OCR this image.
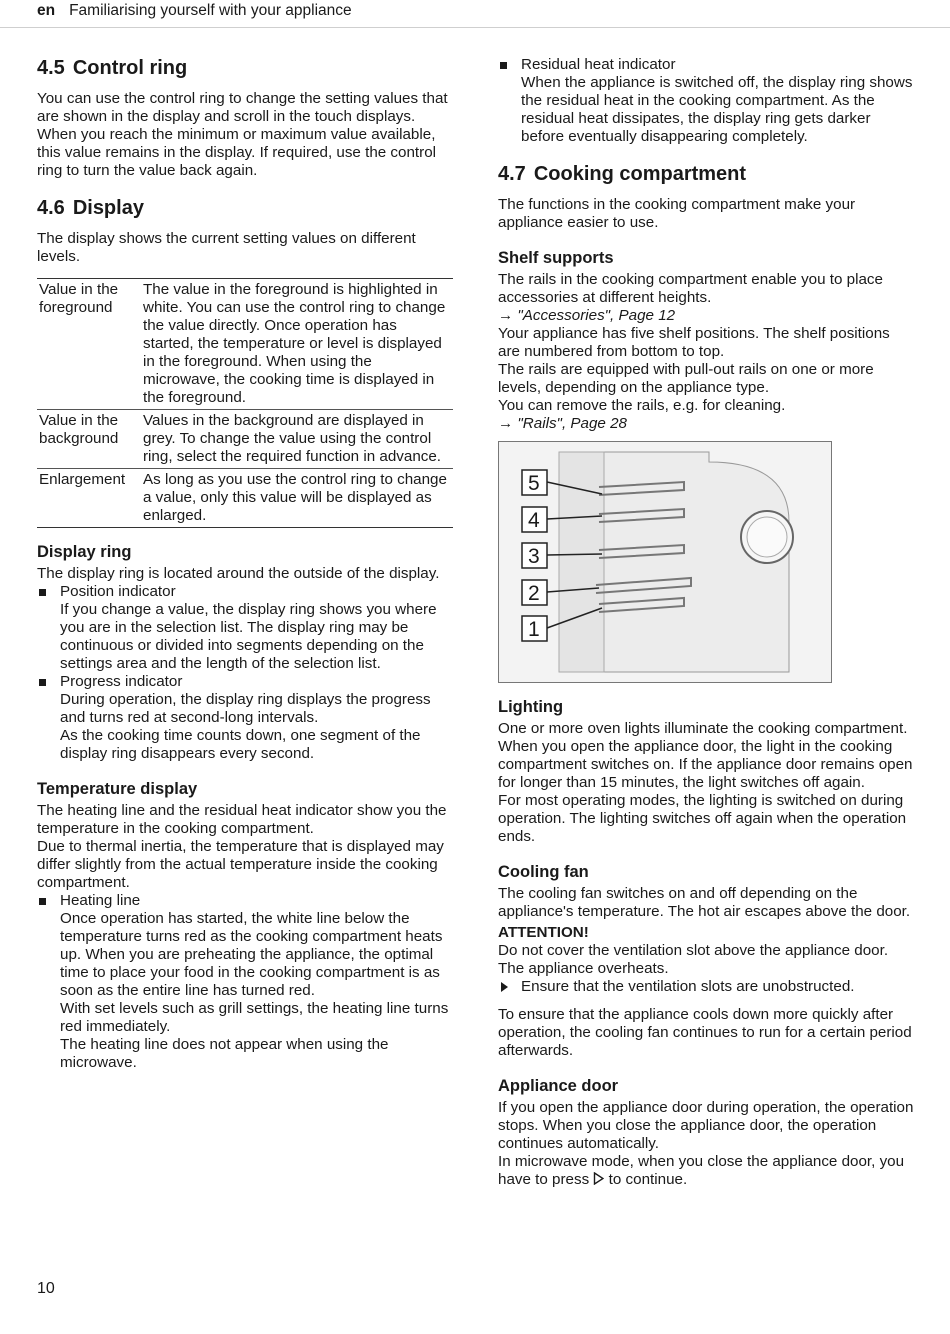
en Familiarising yourself with your appliance
4.5 Control ring

You can use the control ring to change the setting values that are shown in the display and scroll in the touch displays.

When you reach the minimum or maximum value available, this value remains in the display. If required, use the control ring to turn the value back again.

4.6 Display

The display shows the current setting values on different levels.

Value in the foreground	The value in the foreground is highlighted in white. You can use the control ring to change the value directly. Once operation has started, the temperature or level is displayed in the foreground. When using the microwave, the cooking time is displayed in the foreground.
Value in the background	Values in the background are displayed in grey. To change the value using the control ring, select the required function in advance.
Enlargement	As long as you use the control ring to change a value, only this value will be displayed as enlarged.
Display ring

The display ring is located around the outside of the display.

Position indicator
If you change a value, the display ring shows you where you are in the selection list. The display ring may be continuous or divided into segments depending on the settings area and the length of the selection list.
Progress indicator
During operation, the display ring displays the progress and turns red at second-long intervals.
As the cooking time counts down, one segment of the display ring disappears every second.
Temperature display

The heating line and the residual heat indicator show you the temperature in the cooking compartment.

Due to thermal inertia, the temperature that is displayed may differ slightly from the actual temperature inside the cooking compartment.

Heating line
Once operation has started, the white line below the temperature turns red as the cooking compartment heats up. When you are preheating the appliance, the optimal time to place your food in the cooking compartment is as soon as the entire line has turned red.
With set levels such as grill settings, the heating line turns red immediately.
The heating line does not appear when using the microwave.
Residual heat indicator
When the appliance is switched off, the display ring shows the residual heat in the cooking compartment. As the residual heat dissipates, the display ring gets darker before eventually disappearing completely.
4.7 Cooking compartment

The functions in the cooking compartment make your appliance easier to use.

Shelf supports

The rails in the cooking compartment enable you to place accessories at different heights.

→ "Accessories", Page 12

Your appliance has five shelf positions. The shelf positions are numbered from bottom to top.

The rails are equipped with pull-out rails on one or more levels, depending on the appliance type.

You can remove the rails, e.g. for cleaning.

→ "Rails", Page 28

5
4
3
2
1
Lighting

One or more oven lights illuminate the cooking compartment.

When you open the appliance door, the light in the cooking compartment switches on. If the appliance door remains open for longer than 15 minutes, the light switches off again.

For most operating modes, the lighting is switched on during operation. The lighting switches off again when the operation ends.

Cooling fan

The cooling fan switches on and off depending on the appliance's temperature. The hot air escapes above the door.

ATTENTION!

Do not cover the ventilation slot above the appliance door. The appliance overheats.

Ensure that the ventilation slots are unobstructed.

To ensure that the appliance cools down more quickly after operation, the cooling fan continues to run for a certain period afterwards.

Appliance door

If you open the appliance door during operation, the operation stops. When you close the appliance door, the operation continues automatically.

In microwave mode, when you close the appliance door, you have to press to continue.

10
